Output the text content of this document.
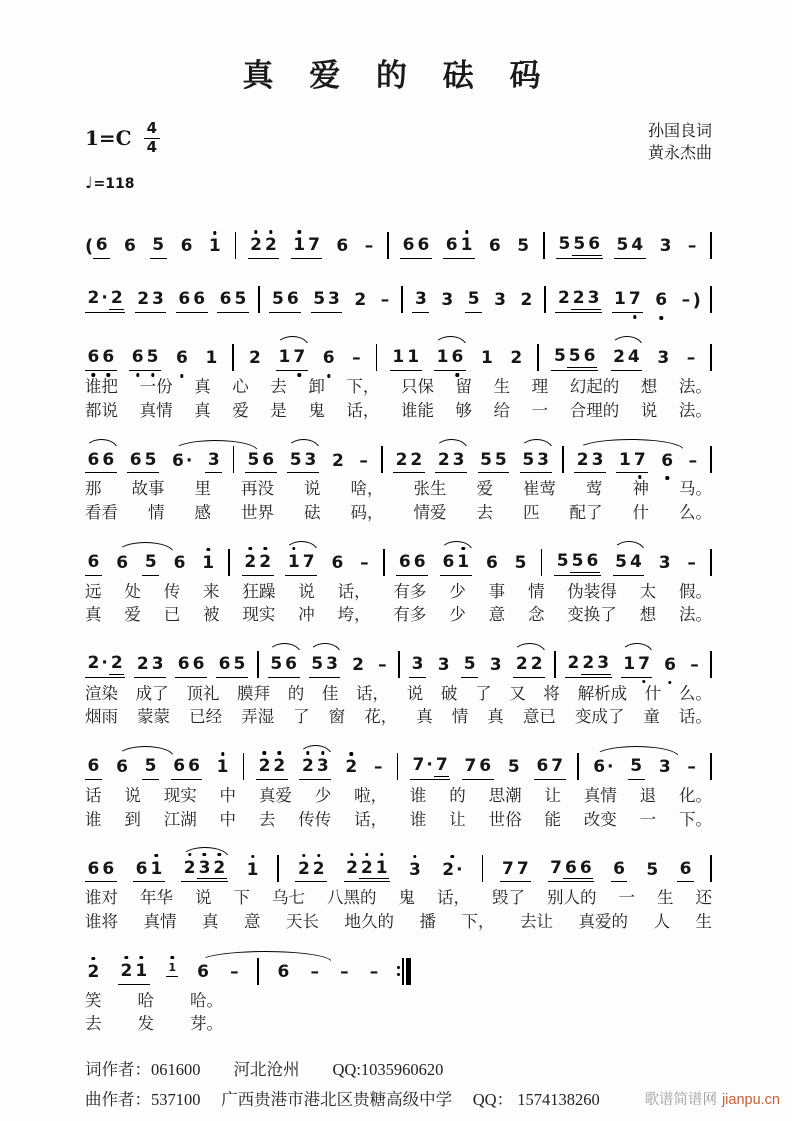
真 爱 的 砝 码
$1=C \frac{4}{4}$	孙国良词
黄永杰曲
♩=118
( 6 6 5 6 1 2 2 1 7 6 – 6 6 6 1 6 5 5 5 6 5 4 3 –
2 · 2 2 3 6 6 6 5 5 6 5 3 2 – 3 3 5 3 2 2 2 3 1 7 6 – )
6 6 6 5 6 1 2 1 7 6 – 1 1 1 6 1 2 5 5 6 2 4 3 –
谁把 一份 真 心 去 卸 下， 只保 留 生 理 幻起的 想 法。
都说 真情 真 爱 是 鬼 话， 谁能 够 给 一 合理的 说 法。
6 6 6 5 6 · 3 5 6 5 3 2 – 2 2 2 3 5 5 5 3 2 3 1 7 6 –
那 故事 里 再没 说 啥， 张生 爱 崔莺 莺 神 马。
看看 情 感 世界 砝 码， 情爱 去 匹 配了 什 么。
6 6 5 6 1 2 2 1 7 6 – 6 6 6 1 6 5 5 5 6 5 4 3 –
远 处 传 来 狂躁 说 话， 有多 少 事 情 伪装得 太 假。
真 爱 已 被 现实 冲 垮， 有多 少 意 念 变换了 想 法。
2 · 2 2 3 6 6 6 5 5 6 5 3 2 – 3 3 5 3 2 2 2 2 3 1 7 6 –
渲染 成了 顶礼 膜拜 的 佳 话， 说 破 了 又 将 解析成 什 么。
烟雨 蒙蒙 已经 弄湿 了 窗 花， 真 情 真 意已 变成了 童 话。
6 6 5 6 6 1 2 2 2 3 2 – 7 · 7 7 6 5 6 7 6 · 5 3 –
话 说 现实 中 真爱 少 啦， 谁 的 思潮 让 真情 退 化。
谁 到 江湖 中 去 传传 话， 谁 让 世俗 能 改变 一 下。
6 6 6 1 2 3 2 1 2 2 2 2 1 3 2 · 7 7 7 6 6 6 5 6
谁对 年华 说 下 乌七 八黑的 鬼 话， 毁了 别人的 一 生 还
谁将 真情 真 意 天长 地久的 播 下， 去让 真爱的 人 生
2 2 1 1 6 – 6 – – –
笑 哈 哈。
去 发 芽。
词作者：061600　　河北沧州　　QQ:1035960620
曲作者：537100　 广西贵港市港北区贵糖高级中学　 QQ： 1574138260	歌谱简谱网 jianpu.cn
